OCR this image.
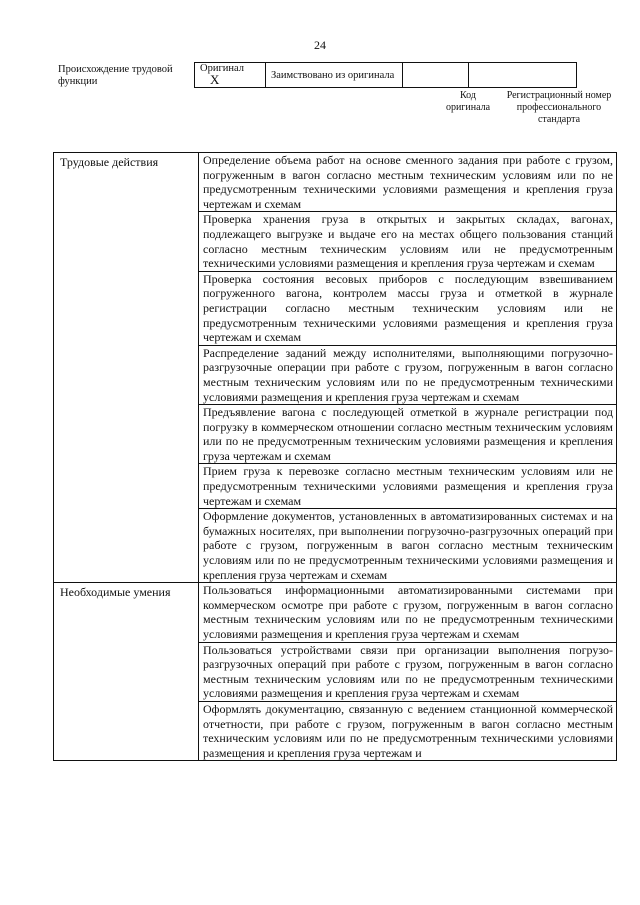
24
Происхождение трудовой функции
Оригинал X	Заимствовано из оригинала		
Код оригинала
Регистрационный номер профессионального стандарта
Трудовые действия	Определение объема работ на основе сменного задания при работе с грузом, погруженным в вагон согласно местным техническим условиям или по не предусмотренным техническими условиями размещения и крепления груза чертежам и схемам
	Проверка хранения груза в открытых и закрытых складах, вагонах, подлежащего выгрузке и выдаче его на местах общего пользования станций согласно местным техническим условиям или не предусмотренным техническими условиями размещения и крепления груза чертежам и схемам
	Проверка состояния весовых приборов с последующим взвешиванием погруженного вагона, контролем массы груза и отметкой в журнале регистрации согласно местным техническим условиям или не предусмотренным техническими условиями размещения и крепления груза чертежам и схемам
	Распределение заданий между исполнителями, выполняющими погрузочно-разгрузочные операции при работе с грузом, погруженным в вагон согласно местным техническим условиям или по не предусмотренным техническими условиями размещения и крепления груза чертежам и схемам
	Предъявление вагона с последующей отметкой в журнале регистрации под погрузку в коммерческом отношении согласно местным техническим условиям или по не предусмотренным техническим условиями размещения и крепления груза чертежам и схемам
	Прием груза к перевозке согласно местным техническим условиям или не предусмотренным техническими условиями размещения и крепления груза чертежам и схемам
	Оформление документов, установленных в автоматизированных системах и на бумажных носителях, при выполнении погрузочно-разгрузочных операций при работе с грузом, погруженным в вагон согласно местным техническим условиям или по не предусмотренным техническими условиями размещения и крепления груза чертежам и схемам
Необходимые умения	Пользоваться информационными автоматизированными системами при коммерческом осмотре при работе с грузом, погруженным в вагон согласно местным техническим условиям или по не предусмотренным техническими условиями размещения и крепления груза чертежам и схемам
	Пользоваться устройствами связи при организации выполнения погрузо-разгрузочных операций при работе с грузом, погруженным в вагон согласно местным техническим условиям или по не предусмотренным техническими условиями размещения и крепления груза чертежам и схемам
	Оформлять документацию, связанную с ведением станционной коммерческой отчетности, при работе с грузом, погруженным в вагон согласно местным техническим условиям или по не предусмотренным техническими условиями размещения и крепления груза чертежам и
